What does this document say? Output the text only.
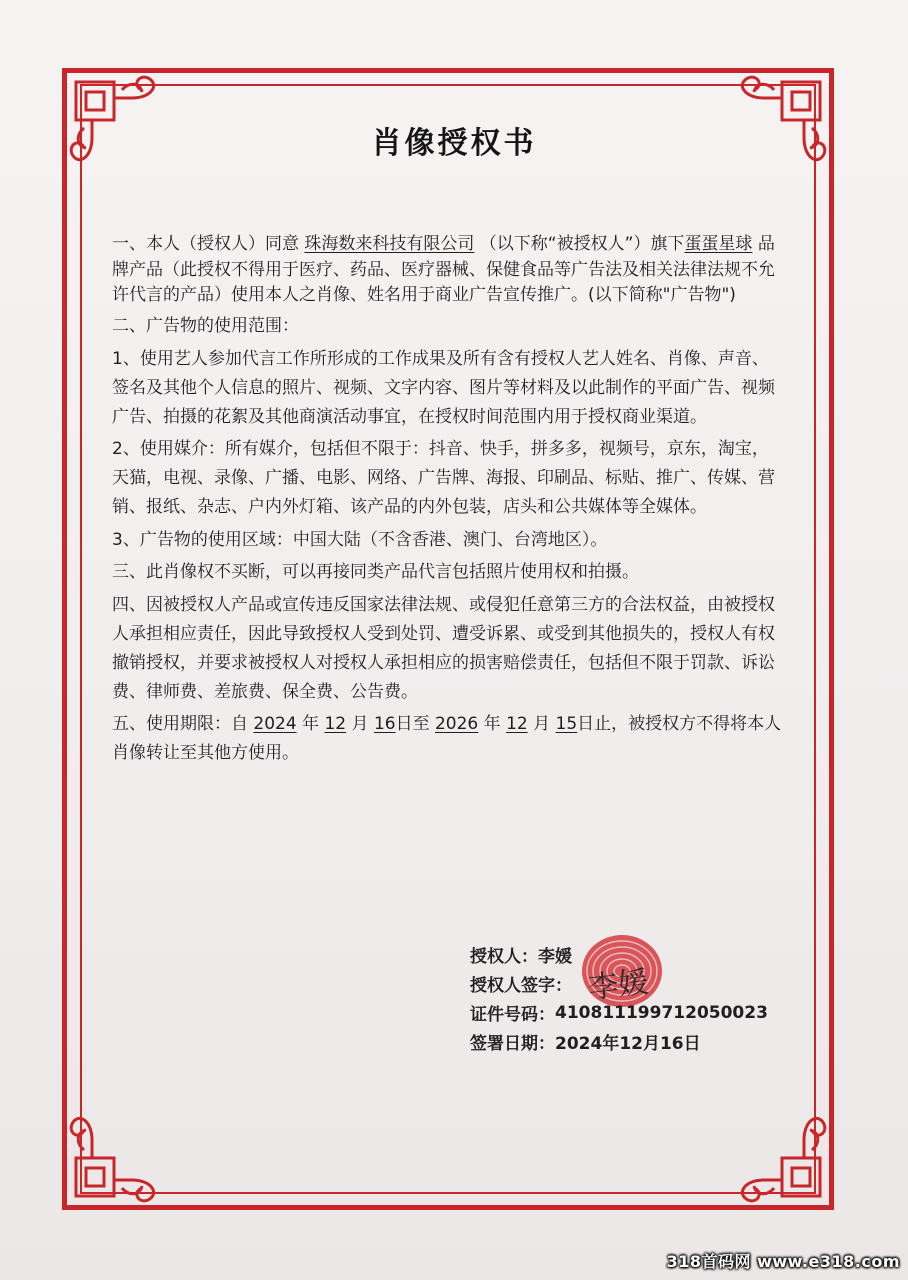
肖像授权书

一、本人（授权人）同意 珠海数来科技有限公司 （以下称“被授权人”）旗下蛋蛋星球 品牌产品（此授权不得用于医疗、药品、医疗器械、保健食品等广告法及相关法律法规不允许代言的产品）使用本人之肖像、姓名用于商业广告宣传推广。(以下简称"广告物")

二、广告物的使用范围：

1、使用艺人参加代言工作所形成的工作成果及所有含有授权人艺人姓名、肖像、声音、签名及其他个人信息的照片、视频、文字内容、图片等材料及以此制作的平面广告、视频广告、拍摄的花絮及其他商演活动事宜，在授权时间范围内用于授权商业渠道。

2、使用媒介：所有媒介，包括但不限于：抖音、快手，拼多多，视频号，京东，淘宝，天猫，电视、录像、广播、电影、网络、广告牌、海报、印刷品、标贴、推广、传媒、营销、报纸、杂志、户内外灯箱、该产品的内外包装，店头和公共媒体等全媒体。

3、广告物的使用区域：中国大陆（不含香港、澳门、台湾地区）。

三、此肖像权不买断，可以再接同类产品代言包括照片使用权和拍摄。

四、因被授权人产品或宣传违反国家法律法规、或侵犯任意第三方的合法权益，由被授权人承担相应责任，因此导致授权人受到处罚、遭受诉累、或受到其他损失的，授权人有权撤销授权，并要求被授权人对授权人承担相应的损害赔偿责任，包括但不限于罚款、诉讼费、律师费、差旅费、保全费、公告费。

五、使用期限：自 2024 年 12 月 16日至 2026 年 12 月 15日止，被授权方不得将本人肖像转让至其他方使用。

授权人： 李媛
授权人签字：
证件号码： 410811199712050023
签署日期： 2024年12月16日
李媛
318首码网 www.e318.com
